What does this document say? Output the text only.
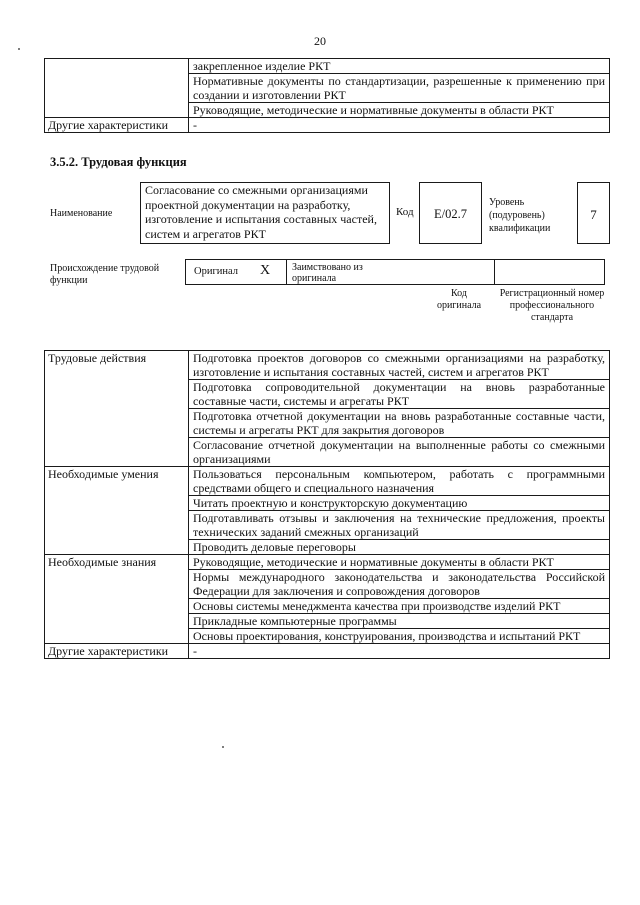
20
	закрепленное изделие РКТ
	Нормативные документы по стандартизации, разрешенные к применению при создании и изготовлении РКТ
	Руководящие, методические и нормативные документы в области РКТ
Другие характеристики	-
3.5.2. Трудовая функция
Наименование
Согласование со смежными организациями проектной документации на разработку, изготовление и испытания составных частей, систем и агрегатов РКТ
Код	E/02.7
Уровень (подуровень) квалификации
7
Происхождение трудовой функции
Оригинал X Заимствовано из оригинала
Код оригинала
Регистрационный номер профессионального стандарта
Трудовые действия	Подготовка проектов договоров со смежными организациями на разработку, изготовление и испытания составных частей, систем и агрегатов РКТ
	Подготовка сопроводительной документации на вновь разработанные составные части, системы и агрегаты РКТ
	Подготовка отчетной документации на вновь разработанные составные части, системы и агрегаты РКТ для закрытия договоров
	Согласование отчетной документации на выполненные работы со смежными организациями
Необходимые умения	Пользоваться персональным компьютером, работать с программными средствами общего и специального назначения
	Читать проектную и конструкторскую документацию
	Подготавливать отзывы и заключения на технические предложения, проекты технических заданий смежных организаций
	Проводить деловые переговоры
Необходимые знания	Руководящие, методические и нормативные документы в области РКТ
	Нормы международного законодательства и законодательства Российской Федерации для заключения и сопровождения договоров
	Основы системы менеджмента качества при производстве изделий РКТ
	Прикладные компьютерные программы
	Основы проектирования, конструирования, производства и испытаний РКТ
Другие характеристики	-
